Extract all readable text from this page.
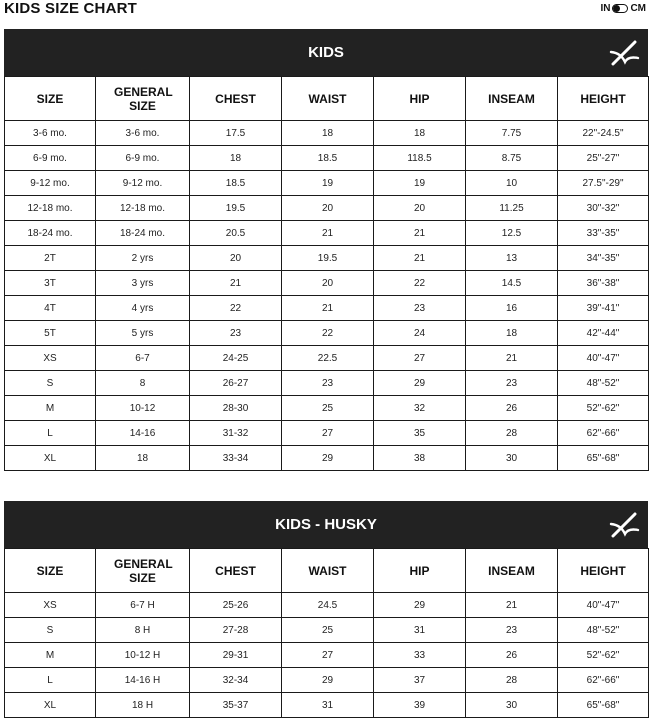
KIDS SIZE CHART	IN CM
KIDS
SIZE	GENERAL SIZE	CHEST	WAIST	HIP	INSEAM	HEIGHT
3-6 mo.	3-6 mo.	17.5	18	18	7.75	22"-24.5"
6-9 mo.	6-9 mo.	18	18.5	118.5	8.75	25"-27"
9-12 mo.	9-12 mo.	18.5	19	19	10	27.5"-29"
12-18 mo.	12-18 mo.	19.5	20	20	11.25	30"-32"
18-24 mo.	18-24 mo.	20.5	21	21	12.5	33"-35"
2T	2 yrs	20	19.5	21	13	34"-35"
3T	3 yrs	21	20	22	14.5	36"-38"
4T	4 yrs	22	21	23	16	39"-41"
5T	5 yrs	23	22	24	18	42"-44"
XS	6-7	24-25	22.5	27	21	40"-47"
S	8	26-27	23	29	23	48"-52"
M	10-12	28-30	25	32	26	52"-62"
L	14-16	31-32	27	35	28	62"-66"
XL	18	33-34	29	38	30	65"-68"
KIDS - HUSKY
SIZE	GENERAL SIZE	CHEST	WAIST	HIP	INSEAM	HEIGHT
XS	6-7 H	25-26	24.5	29	21	40"-47"
S	8 H	27-28	25	31	23	48"-52"
M	10-12 H	29-31	27	33	26	52"-62"
L	14-16 H	32-34	29	37	28	62"-66"
XL	18 H	35-37	31	39	30	65"-68"
